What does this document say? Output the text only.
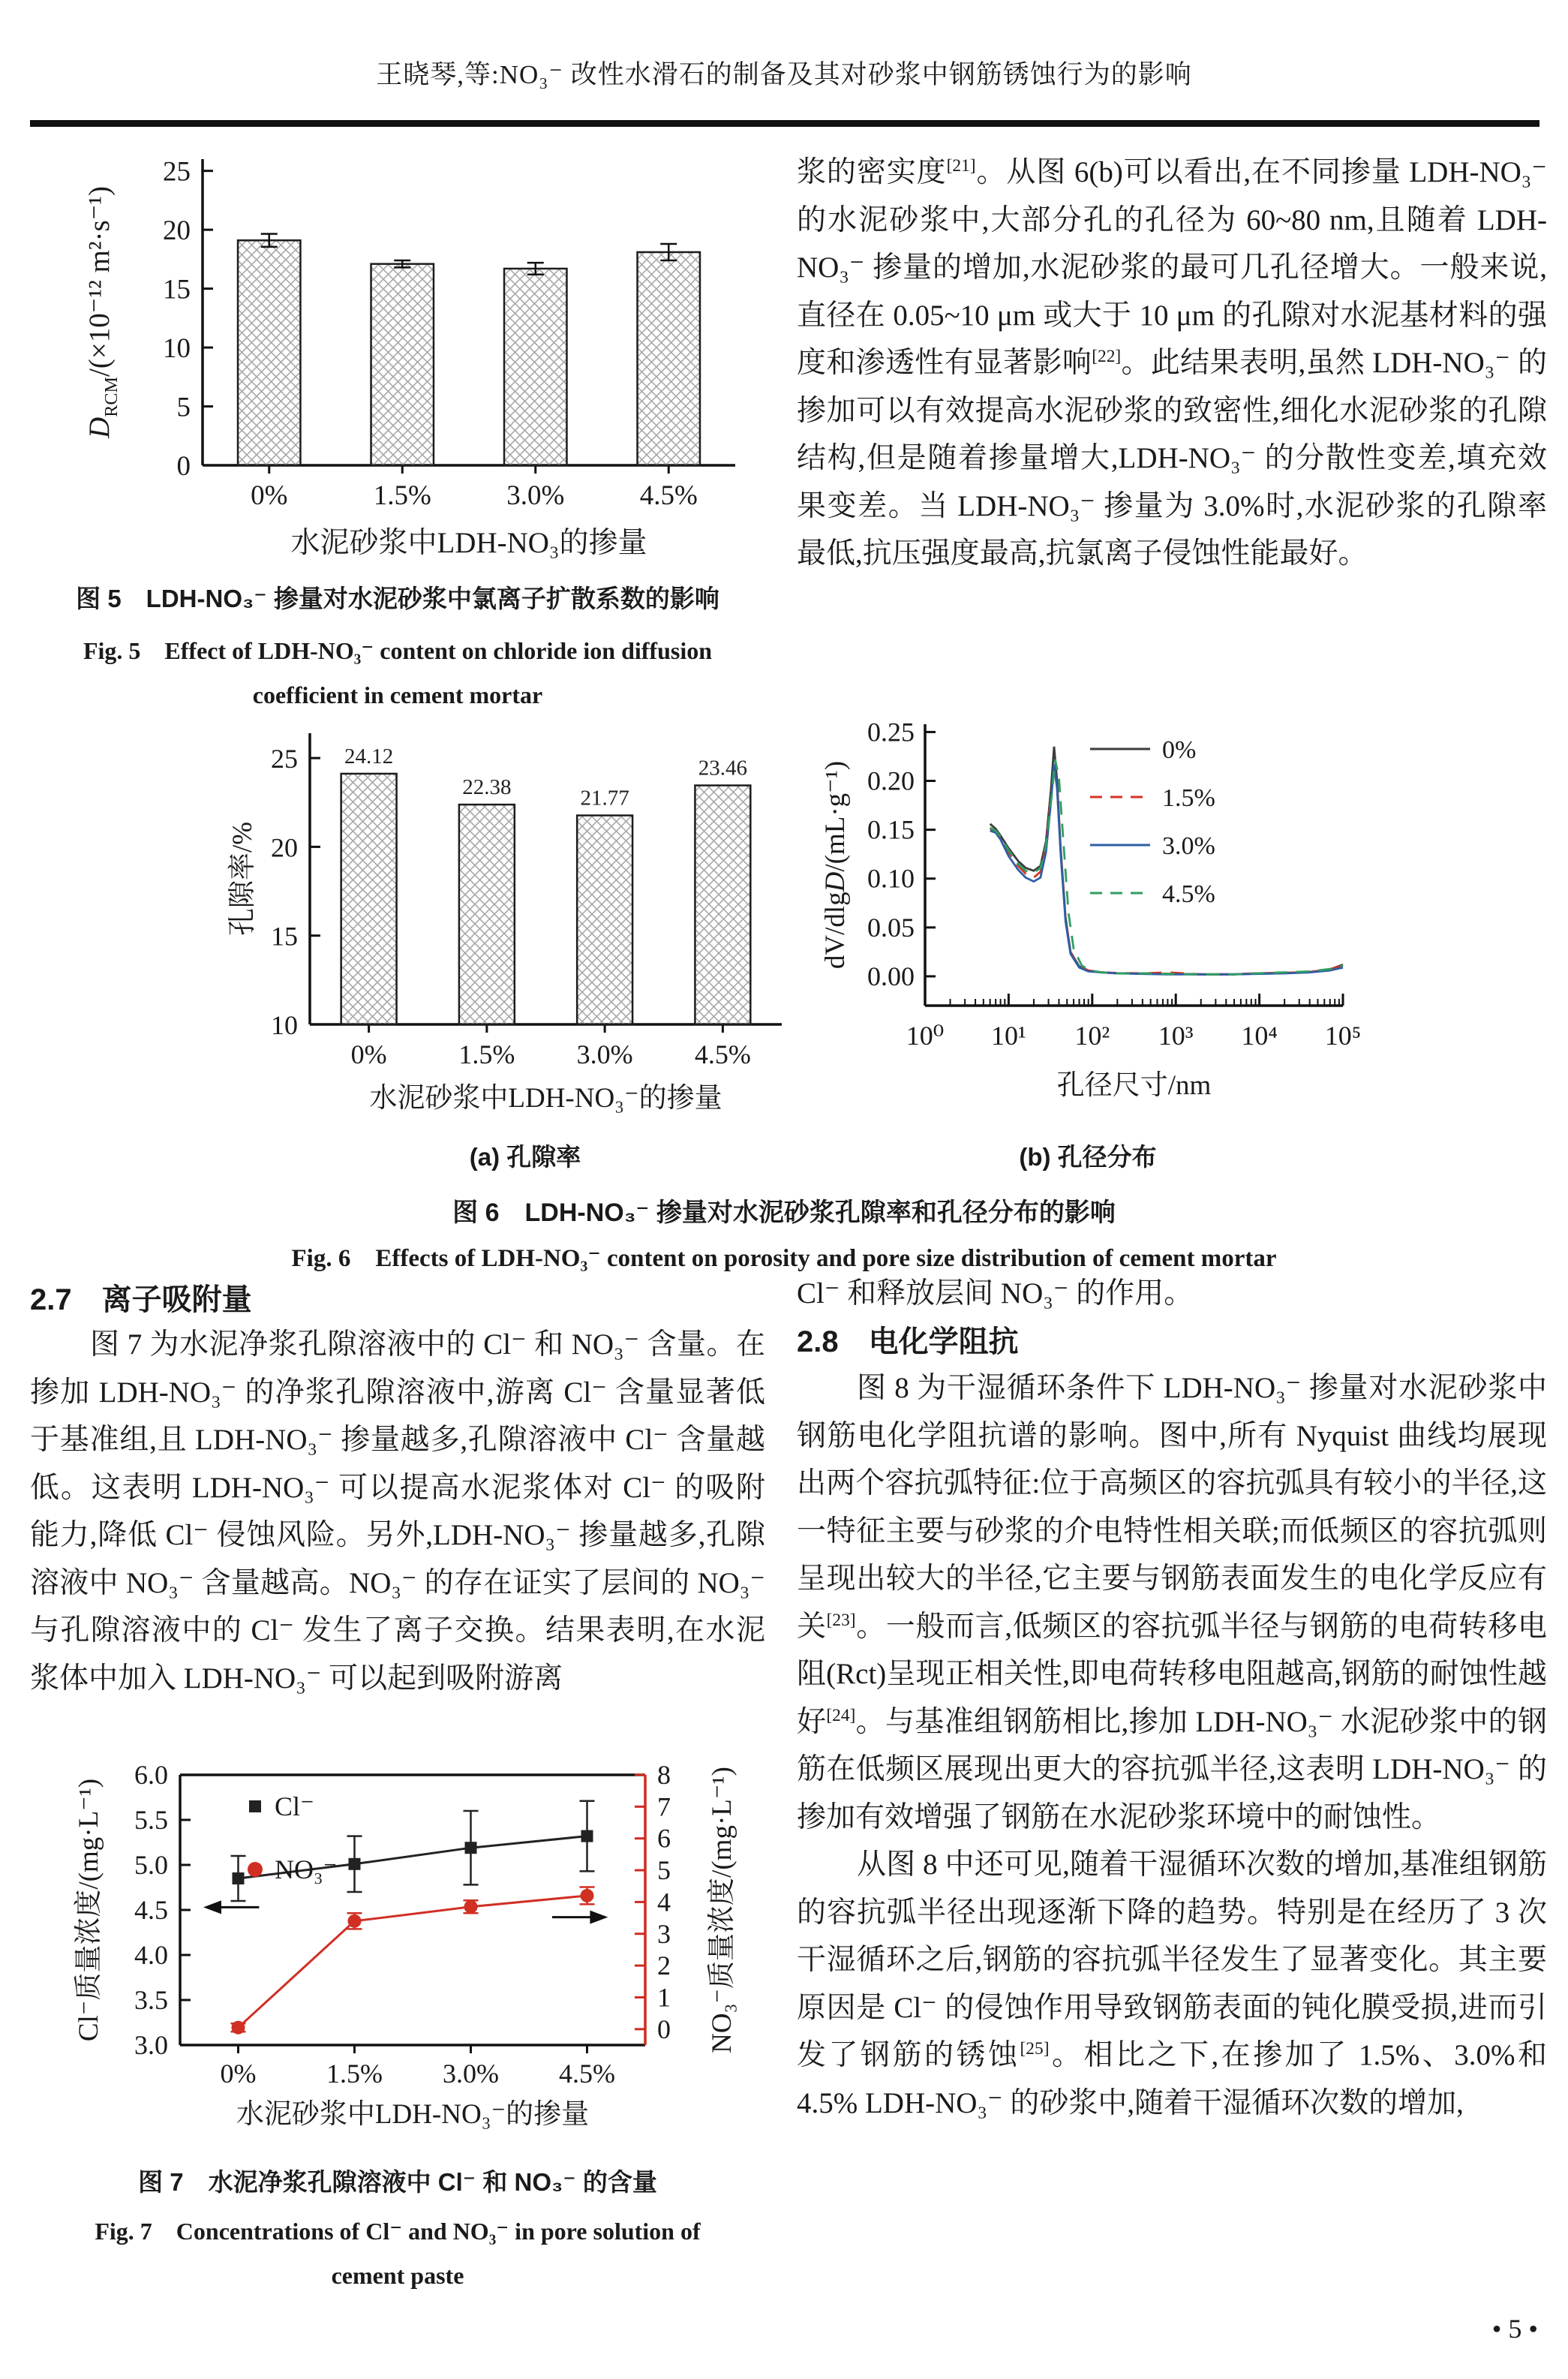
王晓琴,等:NO₃⁻ 改性水滑石的制备及其对砂浆中钢筋锈蚀行为的影响
0
5
10
15
20
25
0%	1.5%	3.0%	4.5%
水泥砂浆中LDH-NO₃的掺量
$D_{RCM}/(\times 10^{-12}$ m²·s⁻¹)
图 5　LDH-NO₃⁻ 掺量对水泥砂浆中氯离子扩散系数的影响
Fig. 5　Effect of LDH-NO₃⁻ content on chloride ion diffusion
coefficient in cement mortar
浆的密实度[21]。从图 6(b)可以看出,在不同掺量 LDH-NO₃⁻ 的水泥砂浆中,大部分孔的孔径为 60~80 nm,且随着 LDH-NO₃⁻ 掺量的增加,水泥砂浆的最可几孔径增大。一般来说,直径在 0.05~10 μm 或大于 10 μm 的孔隙对水泥基材料的强度和渗透性有显著影响[22]。此结果表明,虽然 LDH-NO₃⁻ 的掺加可以有效提高水泥砂浆的致密性,细化水泥砂浆的孔隙结构,但是随着掺量增大,LDH-NO₃⁻ 的分散性变差,填充效果变差。当 LDH-NO₃⁻ 掺量为 3.0%时,水泥砂浆的孔隙率最低,抗压强度最高,抗氯离子侵蚀性能最好。
10
15
20
25
0%
24.12
1.5%
22.38
3.0%
21.77
4.5%
23.46
水泥砂浆中LDH-NO₃⁻的掺量
孔隙率/%
0.00
0.05
0.10
0.15
0.20
0.25
10⁰ 10¹ 10² 10³ 10⁴ 10⁵
0%
1.5%
3.0%
4.5%
孔径尺寸/nm
dV/dlgD/(mL·g⁻¹)
(a) 孔隙率	(b) 孔径分布
图 6　LDH-NO₃⁻ 掺量对水泥砂浆孔隙率和孔径分布的影响
Fig. 6　Effects of LDH-NO₃⁻ content on porosity and pore size distribution of cement mortar
2.7　离子吸附量

图 7 为水泥净浆孔隙溶液中的 Cl⁻ 和 NO₃⁻ 含量。在掺加 LDH-NO₃⁻ 的净浆孔隙溶液中,游离 Cl⁻ 含量显著低于基准组,且 LDH-NO₃⁻ 掺量越多,孔隙溶液中 Cl⁻ 含量越低。这表明 LDH-NO₃⁻ 可以提高水泥浆体对 Cl⁻ 的吸附能力,降低 Cl⁻ 侵蚀风险。另外,LDH-NO₃⁻ 掺量越多,孔隙溶液中 NO₃⁻ 含量越高。NO₃⁻ 的存在证实了层间的 NO₃⁻ 与孔隙溶液中的 Cl⁻ 发生了离子交换。结果表明,在水泥浆体中加入 LDH-NO₃⁻ 可以起到吸附游离

3.0
3.5
4.0
4.5
5.0
5.5
6.0
0
1
2
3
4
5
6
7
8
0%	1.5% 3.0% 4.5%
Cl⁻
NO₃⁻
水泥砂浆中LDH-NO₃⁻的掺量
Cl⁻质量浓度/(mg·L⁻¹)	NO₃⁻质量浓度/(mg·L⁻¹)
图 7　水泥净浆孔隙溶液中 Cl⁻ 和 NO₃⁻ 的含量
Fig. 7　Concentrations of Cl⁻ and NO₃⁻ in pore solution of
cement paste
Cl⁻ 和释放层间 NO₃⁻ 的作用。
2.8　电化学阻抗

图 8 为干湿循环条件下 LDH-NO₃⁻ 掺量对水泥砂浆中钢筋电化学阻抗谱的影响。图中,所有 Nyquist 曲线均展现出两个容抗弧特征:位于高频区的容抗弧具有较小的半径,这一特征主要与砂浆的介电特性相关联;而低频区的容抗弧则呈现出较大的半径,它主要与钢筋表面发生的电化学反应有关[23]。一般而言,低频区的容抗弧半径与钢筋的电荷转移电阻(Rct)呈现正相关性,即电荷转移电阻越高,钢筋的耐蚀性越好[24]。与基准组钢筋相比,掺加 LDH-NO₃⁻ 水泥砂浆中的钢筋在低频区展现出更大的容抗弧半径,这表明 LDH-NO₃⁻ 的掺加有效增强了钢筋在水泥砂浆环境中的耐蚀性。

从图 8 中还可见,随着干湿循环次数的增加,基准组钢筋的容抗弧半径出现逐渐下降的趋势。特别是在经历了 3 次干湿循环之后,钢筋的容抗弧半径发生了显著变化。其主要原因是 Cl⁻ 的侵蚀作用导致钢筋表面的钝化膜受损,进而引发了钢筋的锈蚀[25]。相比之下,在掺加了 1.5%、3.0%和 4.5% LDH-NO₃⁻ 的砂浆中,随着干湿循环次数的增加,

• 5 •
